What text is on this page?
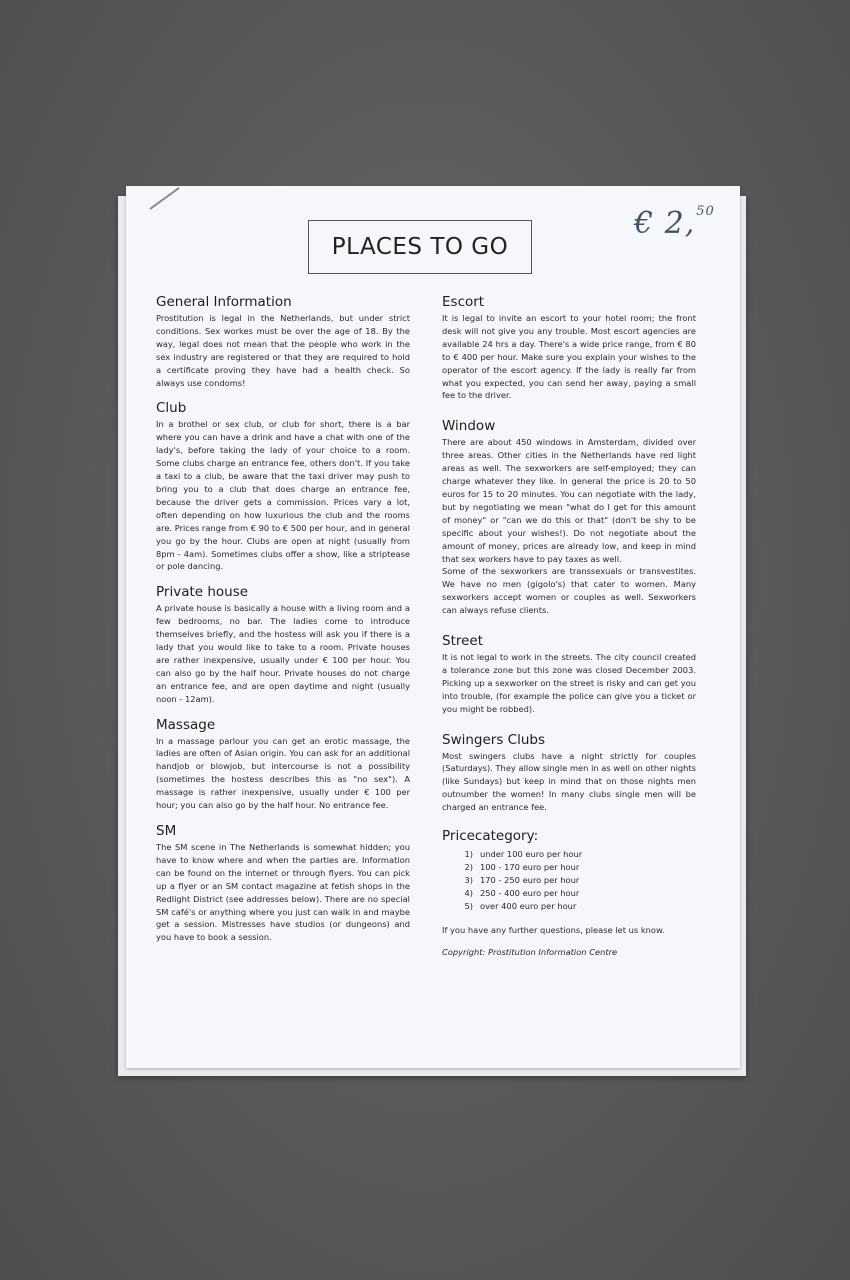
€ 2,50
PLACES TO GO
General Information

Prostitution is legal in the Netherlands, but under strict conditions. Sex workes must be over the age of 18. By the way, legal does not mean that the people who work in the sex industry are registered or that they are required to hold a certificate proving they have had a health check. So always use condoms!

Club

In a brothel or sex club, or club for short, there is a bar where you can have a drink and have a chat with one of the lady's, before taking the lady of your choice to a room. Some clubs charge an entrance fee, others don't. If you take a taxi to a club, be aware that the taxi driver may push to bring you to a club that does charge an entrance fee, because the driver gets a commission. Prices vary a lot, often depending on how luxurious the club and the rooms are. Prices range from € 90 to € 500 per hour, and in general you go by the hour. Clubs are open at night (usually from 8pm - 4am). Sometimes clubs offer a show, like a striptease or pole dancing.

Private house

A private house is basically a house with a living room and a few bedrooms, no bar. The ladies come to introduce themselves briefly, and the hostess will ask you if there is a lady that you would like to take to a room. Private houses are rather inexpensive, usually under € 100 per hour. You can also go by the half hour. Private houses do not charge an entrance fee, and are open daytime and night (usually noon - 12am).

Massage

In a massage parlour you can get an erotic massage, the ladies are often of Asian origin. You can ask for an additional handjob or blowjob, but intercourse is not a possibility (sometimes the hostess describes this as "no sex"). A massage is rather inexpensive, usually under € 100 per hour; you can also go by the half hour. No entrance fee.

SM

The SM scene in The Netherlands is somewhat hidden; you have to know where and when the parties are. Information can be found on the internet or through flyers. You can pick up a flyer or an SM contact magazine at fetish shops in the Redlight District (see addresses below). There are no special SM café's or anything where you just can walk in and maybe get a session. Mistresses have studios (or dungeons) and you have to book a session.

Escort

It is legal to invite an escort to your hotel room; the front desk will not give you any trouble. Most escort agencies are available 24 hrs a day. There's a wide price range, from € 80 to € 400 per hour. Make sure you explain your wishes to the operator of the escort agency. If the lady is really far from what you expected, you can send her away, paying a small fee to the driver.

Window

There are about 450 windows in Amsterdam, divided over three areas. Other cities in the Netherlands have red light areas as well. The sexworkers are self-employed; they can charge whatever they like. In general the price is 20 to 50 euros for 15 to 20 minutes. You can negotiate with the lady, but by negotiating we mean "what do I get for this amount of money" or "can we do this or that" (don't be shy to be specific about your wishes!). Do not negotiate about the amount of money, prices are already low, and keep in mind that sex workers have to pay taxes as well.

Some of the sexworkers are transsexuals or transvestites. We have no men (gigolo's) that cater to women. Many sexworkers accept women or couples as well. Sexworkers can always refuse clients.

Street

It is not legal to work in the streets. The city council created a tolerance zone but this zone was closed December 2003. Picking up a sexworker on the street is risky and can get you into trouble, (for example the police can give you a ticket or you might be robbed).

Swingers Clubs

Most swingers clubs have a night strictly for couples (Saturdays). They allow single men in as well on other nights (like Sundays) but keep in mind that on those nights men outnumber the women! In many clubs single men will be charged an entrance fee.

Pricecategory:
1) under 100 euro per hour
2) 100 - 170 euro per hour
3) 170 - 250 euro per hour
4) 250 - 400 euro per hour
5) over 400 euro per hour

If you have any further questions, please let us know.

Copyright: Prostitution Information Centre
